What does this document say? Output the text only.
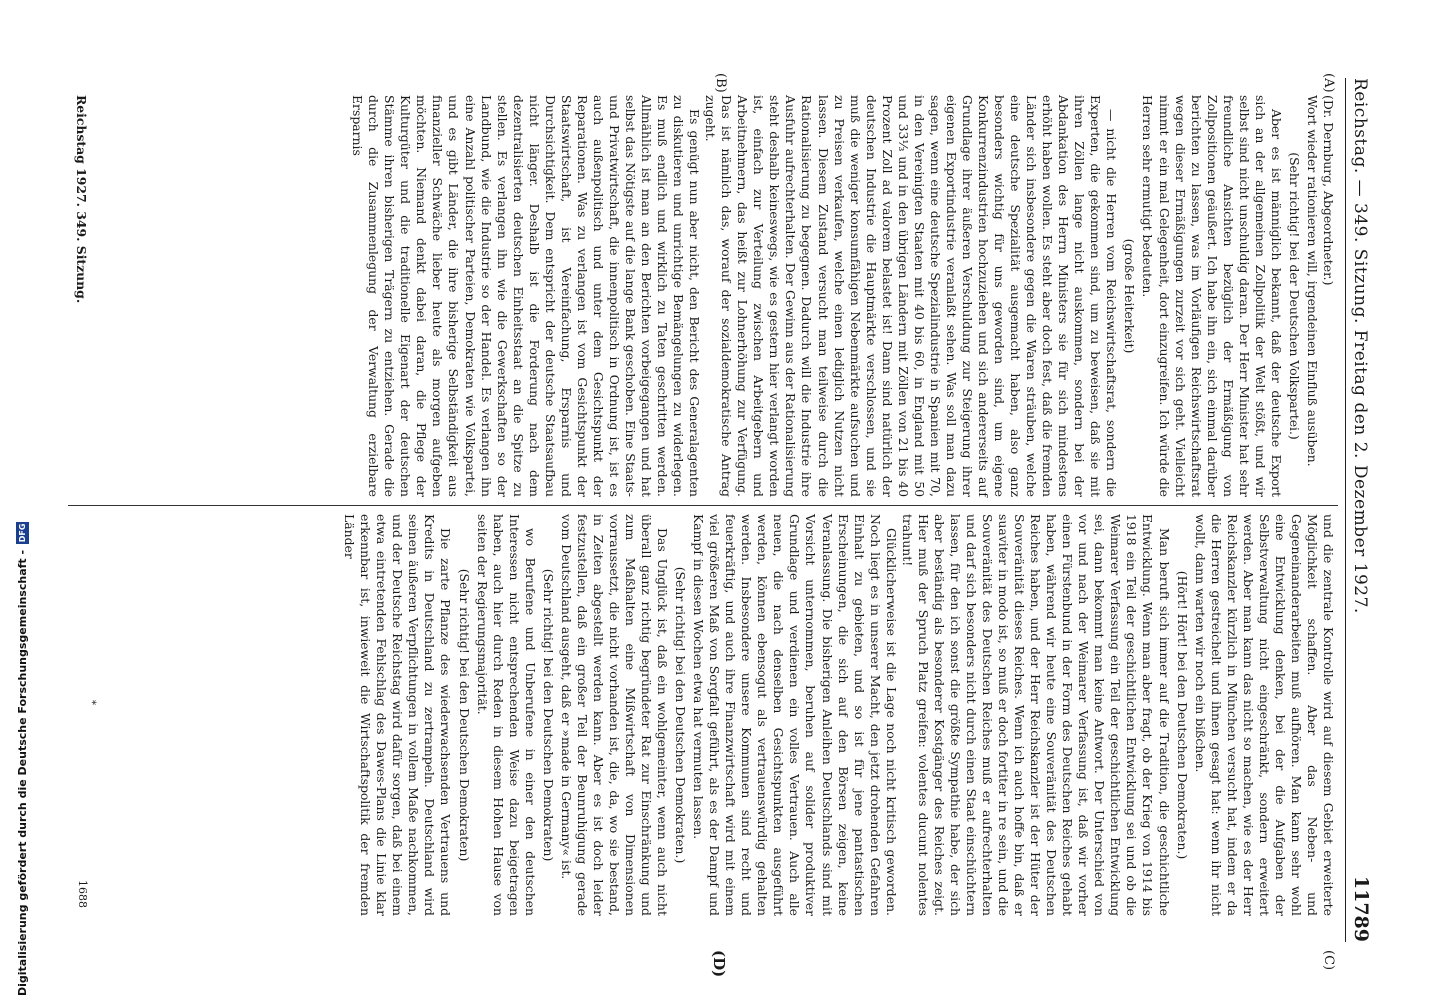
Reichstag. — 349. Sitzung. Freitag den 2. Dezember 1927.
11789
(A)
(B)
(C)
(D)

(Dr. Dernburg, Abgeordneter.)

Wort wieder rationieren will, irgendeinen Einfluß ausüben.

(Sehr richtig! bei der Deutschen Volkspartei.)

Aber es ist männiglich bekannt, daß der deutsche Export sich an der allgemeinen Zollpolitik der Welt stößt, und wir selbst sind nicht unschuldig daran. Der Herr Minister hat sehr freundliche Ansichten bezüglich der Ermäßigung von Zollpositionen geäußert. Ich habe ihn ein, sich einmal darüber berichten zu lassen, was im Vorläufigen Reichswirtschaftsrat wegen dieser Ermäßigungen zurzeit vor sich geht. Vielleicht nimmt er ein mal Gelegenheit, dort einzugreifen. Ich würde die Herren sehr ermutigt bedeuten.

(große Heiterkeit)

— nicht die Herren vom Reichswirtschaftsrat, sondern die Experten, die gekommen sind, um zu beweisen, daß sie mit ihren Zöllen lange nicht auskommen, sondern bei der Abdankation des Herrn Ministers sie für sich mindestens erhöht haben wollen. Es steht aber doch fest, daß die fremden Länder sich insbesondere gegen die Waren sträuben, welche eine deutsche Spezialität ausgemacht haben, also ganz besonders wichtig für uns geworden sind, um eigene Konkurrenzindustrien hochzuziehen und sich andererseits auf Grundlage ihrer äußeren Verschuldung zur Steigerung ihrer eigenen Exportindustrie veranlaßt sehen. Was soll man dazu sagen, wenn eine deutsche Spezialindustrie in Spanien mit 70, in den Vereinigten Staaten mit 40 bis 60, in England mit 50 und 33⅓ und in den übrigen Ländern mit Zöllen von 21 bis 40 Prozent Zoll ad valorem belastet ist! Dann sind natürlich der deutschen Industrie die Hauptmärkte verschlossen, und sie muß die weniger konsumfähigen Nebenmärkte aufsuchen und zu Preisen verkaufen, welche einen lediglich Nutzen nicht lassen. Diesem Zustand versucht man teilweise durch die Rationalisierung zu begegnen. Dadurch will die Industrie ihre Ausfuhr aufrechterhalten. Der Gewinn aus der Rationalisierung steht deshalb keineswegs, wie es gestern hier verlangt worden ist, einfach zur Verteilung zwischen Arbeitgebern und Arbeitnehmern, das heißt zur Lohnerhöhung zur Verfügung. Das ist nämlich das, worauf der sozialdemokratische Antrag zugeht.

Es genügt nun aber nicht, den Bericht des Generalagenten zu diskutieren und unrichtige Bemängelungen zu widerlegen. Es muß endlich und wirklich zu Taten geschritten werden. Allmählich ist man an den Berichten vorbeigegangen und hat selbst das Nötigste auf die lange Bank geschoben. Eine Staats- und Privatwirtschaft, die innenpolitisch in Ordnung ist, ist es auch außenpolitisch und unter dem Gesichtspunkt der Reparationen. Was zu verlangen ist vom Gesichtspunkt der Staatswirtschaft, ist Vereinfachung, Ersparnis und Durchsichtigkeit. Dem entspricht der deutsche Staatsaufbau nicht länger. Deshalb ist die Forderung nach dem dezentralisierten deutschen Einheitsstaat an die Spitze zu stellen. Es verlangen ihn wie die Gewerkschaften so der Landbund, wie die Industrie so der Handel. Es verlangen ihn eine Anzahl politischer Parteien, Demokraten wie Volkspartei, und es gibt Länder, die ihre bisherige Selbständigkeit aus finanzieller Schwäche lieber heute als morgen aufgeben möchten. Niemand denkt dabei daran, die Pflege der Kulturgüter und die traditionelle Eigenart der deutschen Stämme ihren bisherigen Trägern zu entziehen. Gerade die durch die Zusammenlegung der Verwaltung erzielbare Ersparnis

und die zentrale Kontrolle wird auf diesem Gebiet erweiterte Möglichkeit schaffen. Aber das Neben- und Gegeneinanderarbeiten muß aufhören. Man kann sehr wohl eine Entwicklung denken, bei der die Aufgaben der Selbstverwaltung nicht eingeschränkt, sondern erweitert werden. Aber man kann das nicht so machen, wie es der Herr Reichskanzler kürzlich in München versucht hat, indem er da die Herren gestreichelt und ihnen gesagt hat: wenn ihr nicht wollt, dann warten wir noch ein bißchen.

(Hört! Hört! bei den Deutschen Demokraten.)

Man beruft sich immer auf die Tradition, die geschichtliche Entwicklung. Wenn man aber fragt, ob der Krieg von 1914 bis 1918 ein Teil der geschichtlichen Entwicklung sei und ob die Weimarer Verfassung ein Teil der geschichtlichen Entwicklung sei, dann bekommt man keine Antwort. Der Unterschied von vor und nach der Weimarer Verfassung ist, daß wir vorher einen Fürstenbund in der Form des Deutschen Reiches gehabt haben, während wir heute eine Souveränität des Deutschen Reiches haben, und der Herr Reichskanzler ist der Hüter der Souveränität dieses Reiches. Wenn ich auch hoffe bin, daß er suaviter in modo ist, so muß er doch fortiter in re sein, und die Souveränität des Deutschen Reiches muß er aufrechterhalten und darf sich besonders nicht durch einen Staat einschüchtern lassen, für den ich sonst die größte Sympathie habe, der sich aber beständig als besonderer Kostgänger des Reiches zeigt. Hier muß der Spruch Platz greifen: volentes ducunt nolentes trahunt!

Glücklicherweise ist die Lage noch nicht kritisch geworden. Noch liegt es in unserer Macht, den jetzt drohenden Gefahren Einhalt zu gebieten, und so ist für jene pantastischen Erscheinungen, die sich auf den Börsen zeigen, keine Veranlassung. Die bisherigen Anleihen Deutschlands sind mit Vorsicht unternommen, beruhen auf solider produktiver Grundlage und verdienen ein volles Vertrauen. Auch alle neuen, die nach denselben Gesichtspunkten ausgeführt werden, können ebensogut als vertrauenswürdig gehalten werden. Insbesondere unsere Kommunen sind recht und feuerkräftig, und auch ihre Finanzwirtschaft wird mit einem viel größeren Maß von Sorgfalt geführt, als es der Dampf und Kampf in diesen Wochen etwa hat vermuten lassen.

(Sehr richtig! bei den Deutschen Demokraten.)

Das Unglück ist, daß ein wohlgemeinter, wenn auch nicht überall ganz richtig begründeter Rat zur Einschränkung und zum Maßhalten eine Mißwirtschaft von Dimensionen vorraussetzt, die nicht vorhanden ist, die, da, wo sie bestand, in Zeiten abgestellt werden kann. Aber es ist doch leider festzustellen, daß ein großer Teil der Beunruhigung gerade vom Deutschland ausgeht, daß er »made in Germany« ist.

(Sehr richtig! bei den Deutschen Demokraten)

wo Berufene und Unberufene in einer den deutschen Interessen nicht entsprechenden Weise dazu beigetragen haben, auch hier durch Reden in diesem Hohen Hause von seiten der Regierungsmajorität.

(Sehr richtig! bei den Deutschen Demokraten)

Die zarte Pflanze des wiederwachsenden Vertrauens und Kredits in Deutschland zu zertrampeln. Deutschland wird seinen äußeren Verpflichtungen in vollem Maße nachkommen, und der Deutsche Reichstag wird dafür sorgen, daß bei einem etwa eintretenden Fehlschlag des Dawes-Plans die Linie klar erkennbar ist, inwieweit die Wirtschaftspolitik der fremden Länder

Reichstag 1927. 349. Sitzung.
*
1688
Digitalisierung gefördert durch die Deutsche Forschungsgemeinschaft -
DFG
